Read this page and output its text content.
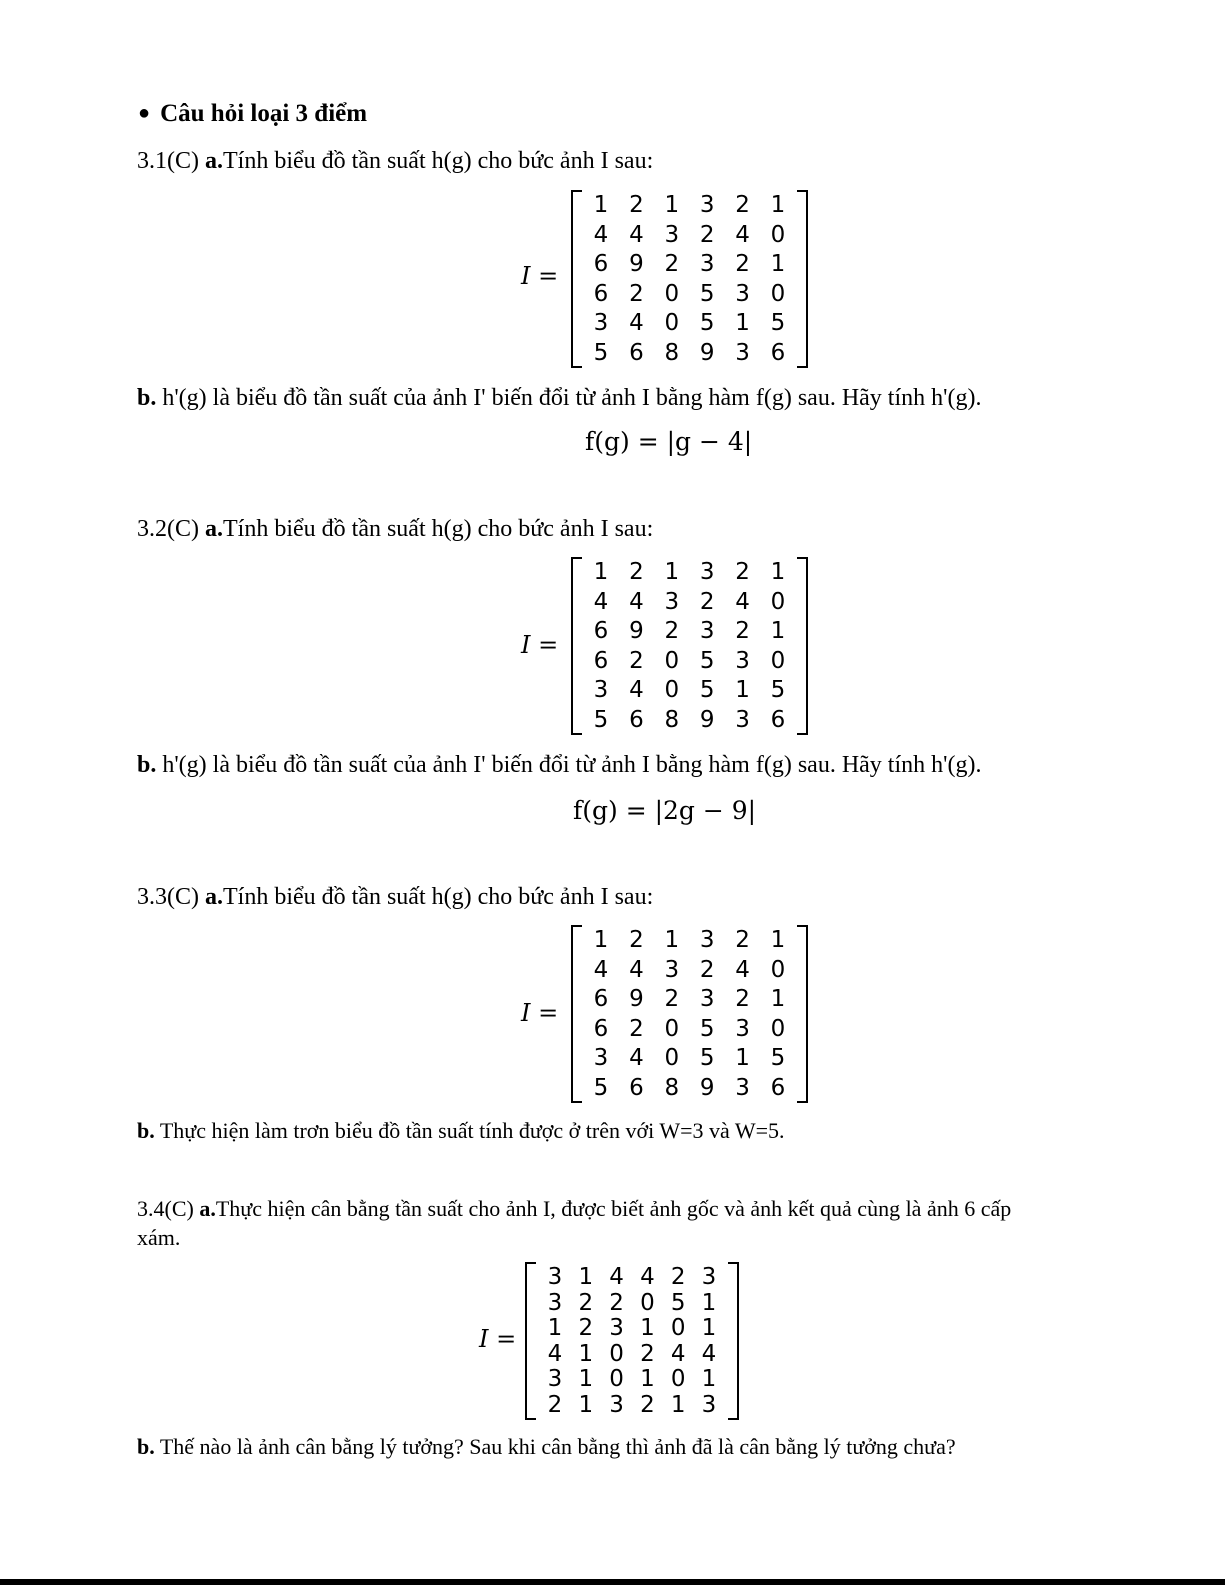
● Câu hỏi loại 3 điểm
3.1(C) a.Tính biểu đồ tần suất h(g) cho bức ảnh I sau:
I =
1 2 1 3 2 1
4 4 3 2 4 0
6 9 2 3 2 1
6 2 0 5 3 0
3 4 0 5 1 5
5 6 8 9 3 6
b. h'(g) là biểu đồ tần suất của ảnh I' biến đổi từ ảnh I bằng hàm f(g) sau. Hãy tính h'(g).
f(g) = |g − 4|
3.2(C) a.Tính biểu đồ tần suất h(g) cho bức ảnh I sau:
I =
1 2 1 3 2 1
4 4 3 2 4 0
6 9 2 3 2 1
6 2 0 5 3 0
3 4 0 5 1 5
5 6 8 9 3 6
b. h'(g) là biểu đồ tần suất của ảnh I' biến đổi từ ảnh I bằng hàm f(g) sau. Hãy tính h'(g).
f(g) = |2g − 9|
3.3(C) a.Tính biểu đồ tần suất h(g) cho bức ảnh I sau:
I =
1 2 1 3 2 1
4 4 3 2 4 0
6 9 2 3 2 1
6 2 0 5 3 0
3 4 0 5 1 5
5 6 8 9 3 6
b. Thực hiện làm trơn biểu đồ tần suất tính được ở trên với W=3 và W=5.
3.4(C) a.Thực hiện cân bằng tần suất cho ảnh I, được biết ảnh gốc và ảnh kết quả cùng là ảnh 6 cấp
xám.
I =
3 1 4 4 2 3
3 2 2 0 5 1
1 2 3 1 0 1
4 1 0 2 4 4
3 1 0 1 0 1
2 1 3 2 1 3
b. Thế nào là ảnh cân bằng lý tưởng? Sau khi cân bằng thì ảnh đã là cân bằng lý tưởng chưa?
